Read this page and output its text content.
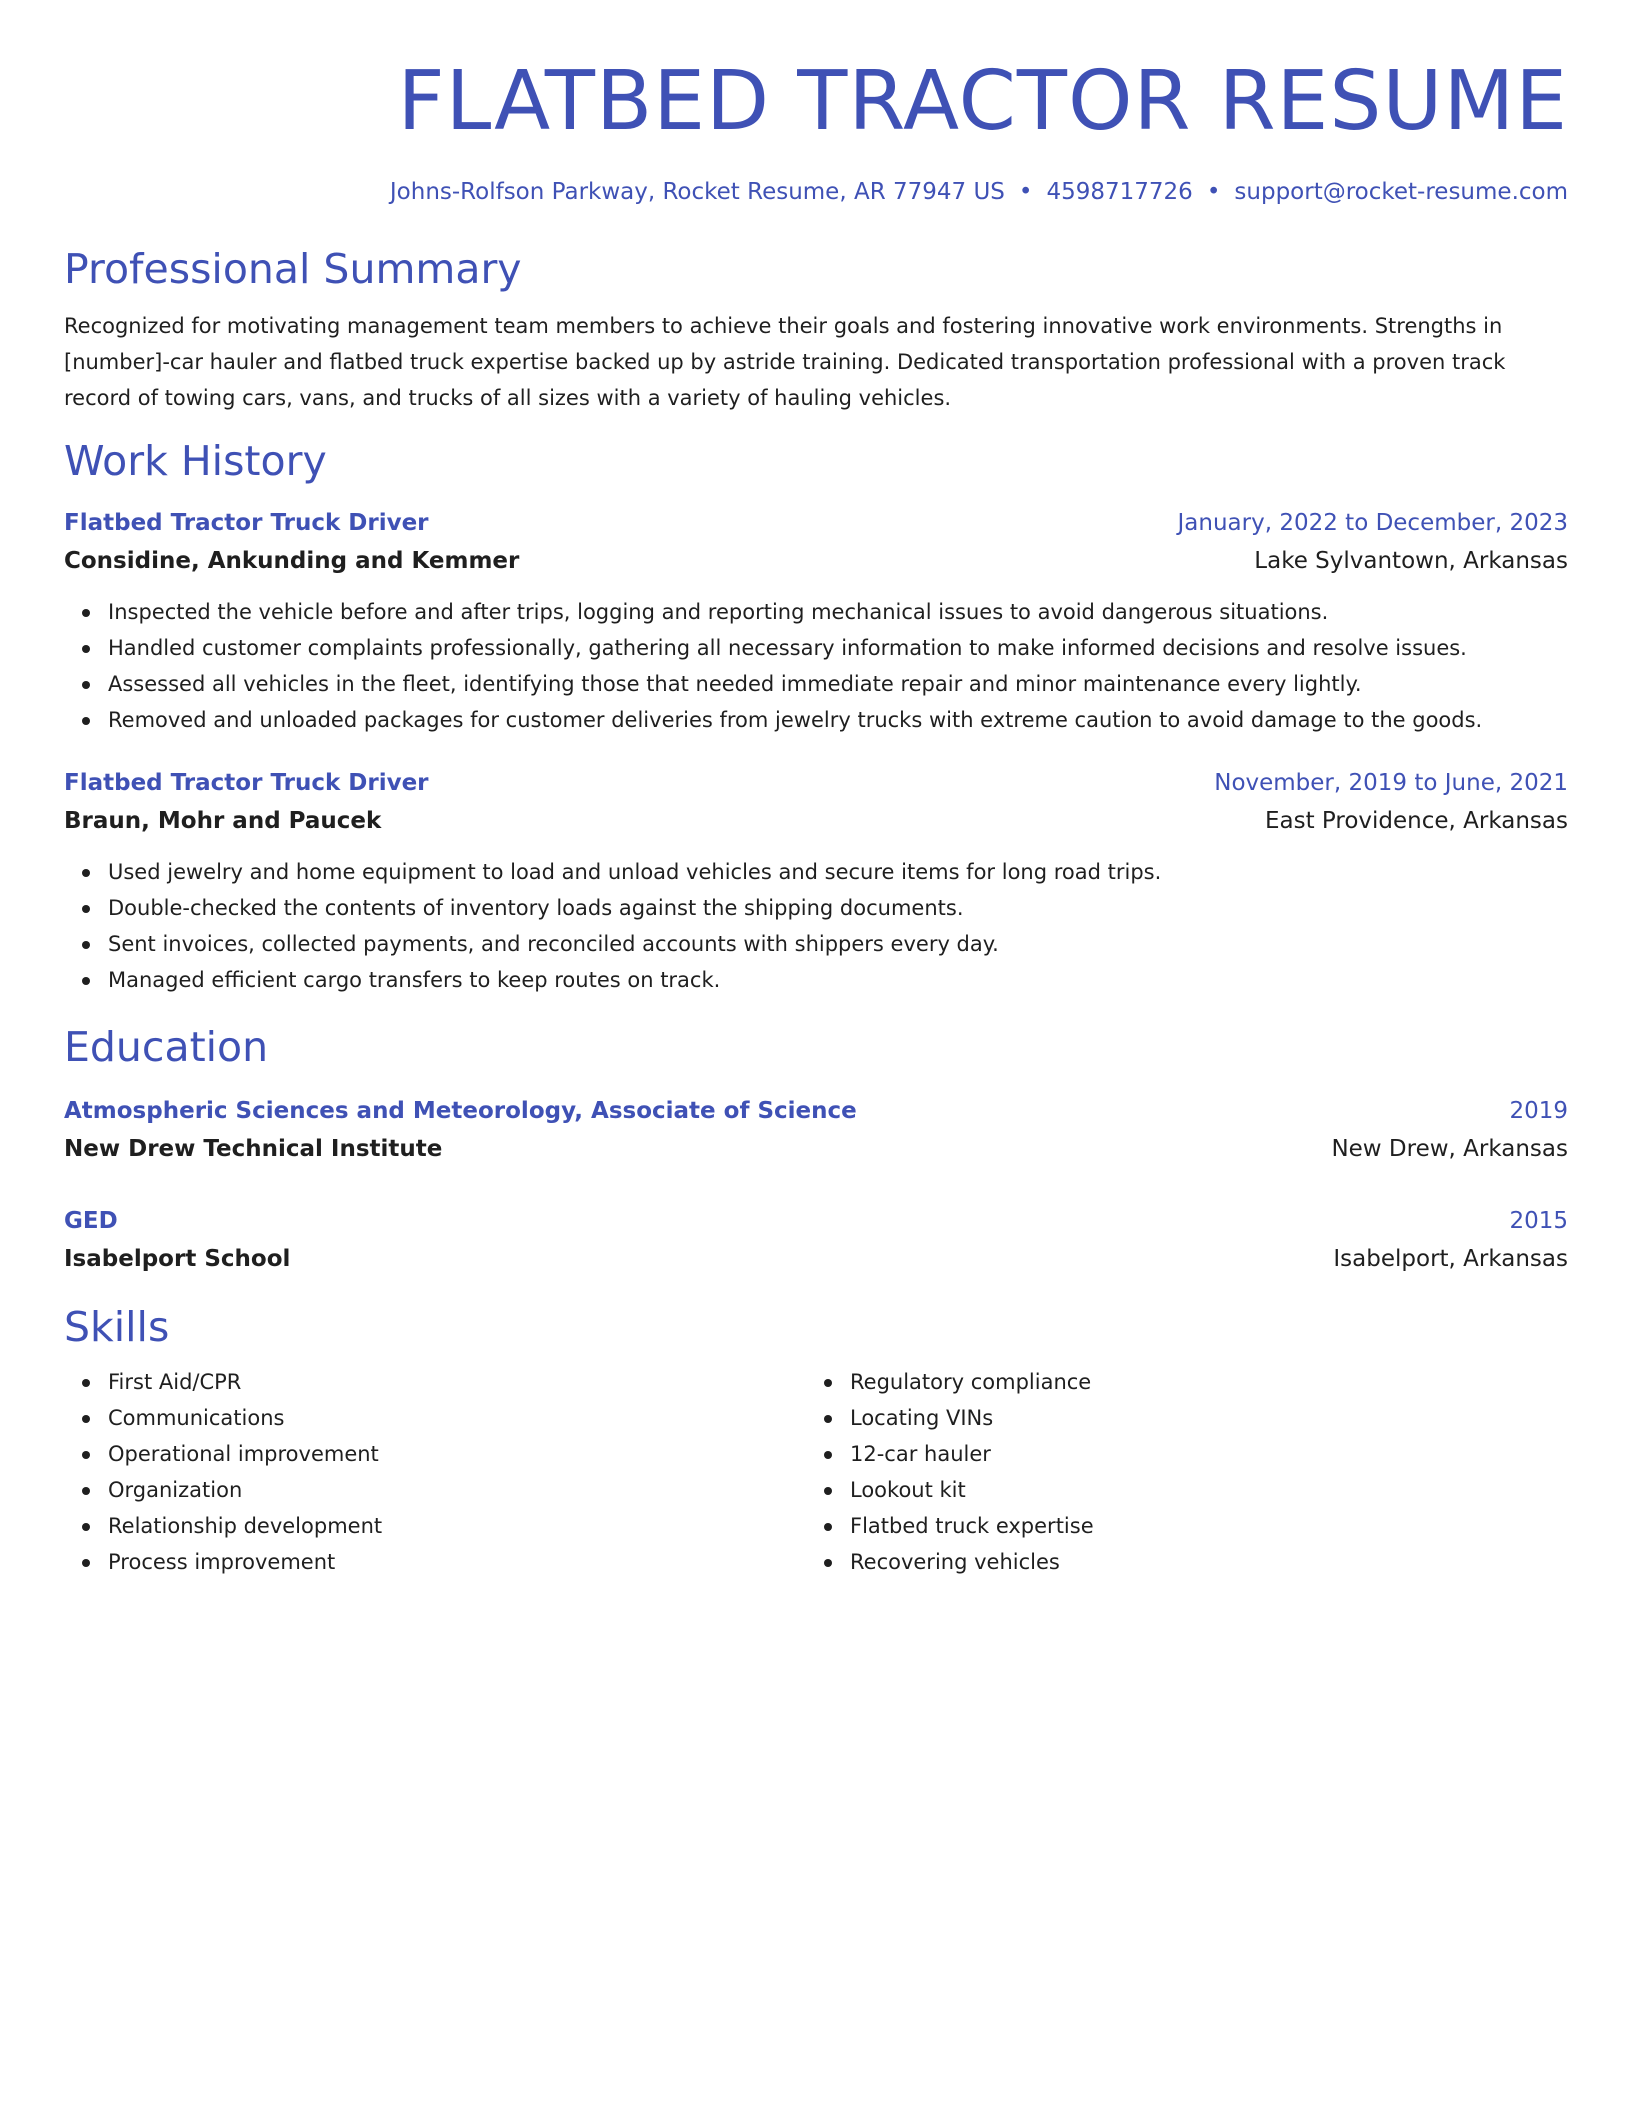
FLATBED TRACTOR RESUME
Johns-Rolfson Parkway, Rocket Resume, AR 77947 US • 4598717726 • support@rocket-resume.com
Professional Summary
Recognized for motivating management team members to achieve their goals and fostering innovative work environments. Strengths in [number]-car hauler and flatbed truck expertise backed up by astride training. Dedicated transportation professional with a proven track record of towing cars, vans, and trucks of all sizes with a variety of hauling vehicles.
Work History
Flatbed Tractor Truck Driver	January, 2022 to December, 2023
Considine, Ankunding and Kemmer	Lake Sylvantown, Arkansas
Inspected the vehicle before and after trips, logging and reporting mechanical issues to avoid dangerous situations.
Handled customer complaints professionally, gathering all necessary information to make informed decisions and resolve issues.
Assessed all vehicles in the fleet, identifying those that needed immediate repair and minor maintenance every lightly.
Removed and unloaded packages for customer deliveries from jewelry trucks with extreme caution to avoid damage to the goods.
Flatbed Tractor Truck Driver	November, 2019 to June, 2021
Braun, Mohr and Paucek	East Providence, Arkansas
Used jewelry and home equipment to load and unload vehicles and secure items for long road trips.
Double-checked the contents of inventory loads against the shipping documents.
Sent invoices, collected payments, and reconciled accounts with shippers every day.
Managed efficient cargo transfers to keep routes on track.
Education
Atmospheric Sciences and Meteorology, Associate of Science	2019
New Drew Technical Institute	New Drew, Arkansas
GED	2015
Isabelport School	Isabelport, Arkansas
Skills
First Aid/CPR
Communications
Operational improvement
Organization
Relationship development
Process improvement
Regulatory compliance
Locating VINs
12-car hauler
Lookout kit
Flatbed truck expertise
Recovering vehicles
